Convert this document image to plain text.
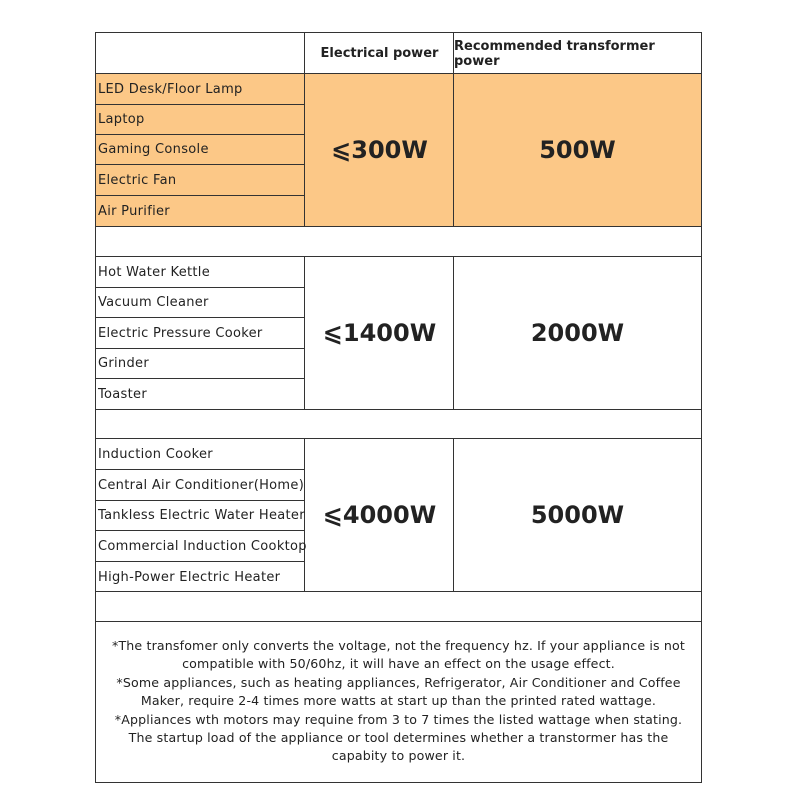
Electrical power	Recommended transformer power
LED Desk/Floor Lamp
Laptop
Gaming Console
Electric Fan
Air Purifier
⩽300W	500W
Hot Water Kettle
Vacuum Cleaner
Electric Pressure Cooker
Grinder
Toaster
⩽1400W	2000W
Induction Cooker
Central Air Conditioner(Home)
Tankless Electric Water Heater
Commercial Induction Cooktop
High-Power Electric Heater
⩽4000W	5000W

*The transfomer only converts the voltage, not the frequency hz. If your appliance is not

compatible with 50/60hz, it will have an effect on the usage effect.

*Some appliances, such as heating appliances, Refrigerator, Air Conditioner and Coffee

Maker, require 2-4 times more watts at start up than the printed rated wattage.

*Appliances wth motors may requine from 3 to 7 times the listed wattage when stating.

The startup load of the appliance or tool determines whether a transtormer has the

capabity to power it.
